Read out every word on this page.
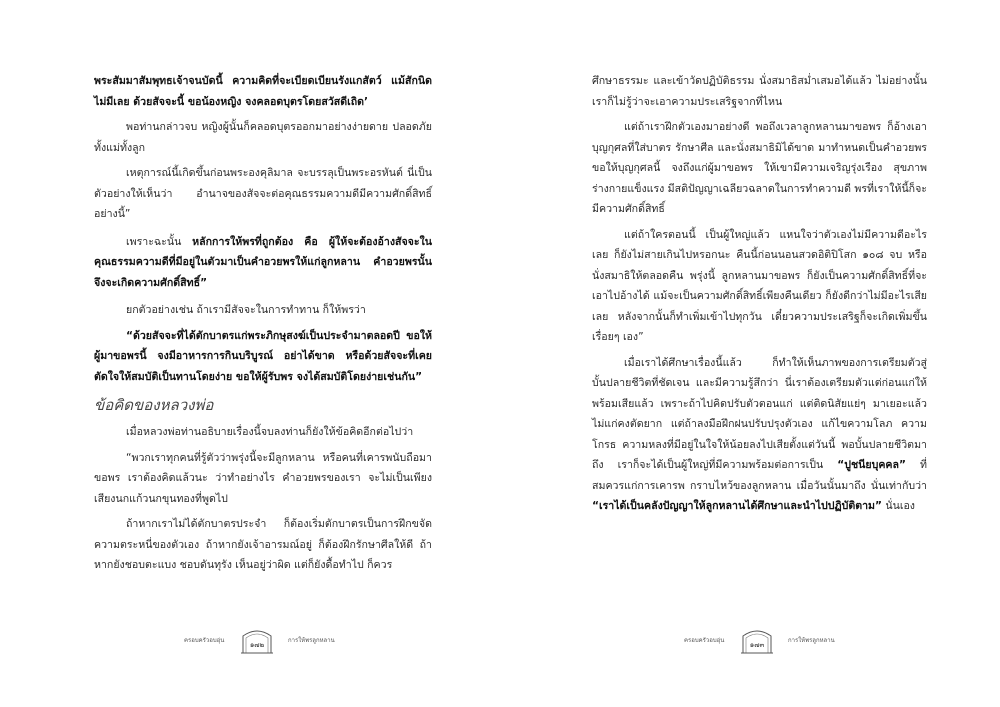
พระสัมมาสัมพุทธเจ้าจนบัดนี้ ความคิดที่จะเบียดเบียนรังแกสัตว์ แม้สักนิดไม่มีเลย ด้วยสัจจะนี้ ขอน้องหญิง จงคลอดบุตรโดยสวัสดีเถิด’

พอท่านกล่าวจบ หญิงผู้นั้นก็คลอดบุตรออกมาอย่างง่ายดาย ปลอดภัยทั้งแม่ทั้งลูก

เหตุการณ์นี้เกิดขึ้นก่อนพระองคุลิมาล จะบรรลุเป็นพระอรหันต์ นี่เป็นตัวอย่างให้เห็นว่า อำนาจของสัจจะต่อคุณธรรมความดีมีความศักดิ์สิทธิ์อย่างนี้”

เพราะฉะนั้น หลักการให้พรที่ถูกต้อง คือ ผู้ให้จะต้องอ้างสัจจะในคุณธรรมความดีที่มีอยู่ในตัวมาเป็นคำอวยพรให้แก่ลูกหลาน คำอวยพรนั้นจึงจะเกิดความศักดิ์สิทธิ์”

ยกตัวอย่างเช่น ถ้าเรามีสัจจะในการทำทาน ก็ให้พรว่า

“ด้วยสัจจะที่ได้ตักบาตรแก่พระภิกษุสงฆ์เป็นประจำมาตลอดปี ขอให้ผู้มาขอพรนี้ จงมีอาหารการกินบริบูรณ์ อย่าได้ขาด หรือด้วยสัจจะที่เคยตัดใจให้สมบัติเป็นทานโดยง่าย ขอให้ผู้รับพร จงได้สมบัติโดยง่ายเช่นกัน”

ข้อคิดของหลวงพ่อ

เมื่อหลวงพ่อท่านอธิบายเรื่องนี้จบลงท่านก็ยังให้ข้อคิดอีกต่อไปว่า

“พวกเราทุกคนที่รู้ตัวว่าพรุ่งนี้จะมีลูกหลาน หรือคนที่เคารพนับถือมาขอพร เราต้องคิดแล้วนะ ว่าทำอย่างไร คำอวยพรของเรา จะไม่เป็นเพียงเสียงนกแก้วนกขุนทองที่พูดไป

ถ้าหากเราไม่ได้ตักบาตรประจำ ก็ต้องเริ่มตักบาตรเป็นการฝึกขจัดความตระหนี่ของตัวเอง ถ้าหากยังเจ้าอารมณ์อยู่ ก็ต้องฝึกรักษาศีลให้ดี ถ้าหากยังชอบตะแบง ชอบดันทุรัง เห็นอยู่ว่าผิด แต่ก็ยังดื้อทำไป ก็ควร

ครอบครัวอบอุ่น
๑๗๒
การให้พรลูกหลาน

ศึกษาธรรมะ และเข้าวัดปฏิบัติธรรม นั่งสมาธิสม่ำเสมอได้แล้ว ไม่อย่างนั้น เราก็ไม่รู้ว่าจะเอาความประเสริฐจากที่ไหน

แต่ถ้าเราฝึกตัวเองมาอย่างดี พอถึงเวลาลูกหลานมาขอพร ก็อ้างเอาบุญกุศลที่ใส่บาตร รักษาศีล และนั่งสมาธิมิได้ขาด มาทำหนดเป็นคำอวยพร ขอให้บุญกุศลนี้ จงถึงแก่ผู้มาขอพร ให้เขามีความเจริญรุ่งเรือง สุขภาพร่างกายแข็งแรง มีสติปัญญาเฉลียวฉลาดในการทำความดี พรที่เราให้นี้ก็จะมีความศักดิ์สิทธิ์

แต่ถ้าใครตอนนี้ เป็นผู้ใหญ่แล้ว แหนใจว่าตัวเองไม่มีความดีอะไรเลย ก็ยังไม่สายเกินไปหรอกนะ คืนนี้ก่อนนอนสวดอิติปิโสก ๑๐๘ จบ หรือนั่งสมาธิให้ตลอดคืน พรุ่งนี้ ลูกหลานมาขอพร ก็ยังเป็นความศักดิ์สิทธิ์ที่จะเอาไปอ้างได้ แม้จะเป็นความศักดิ์สิทธิ์เพียงคืนเดียว ก็ยังดีกว่าไม่มีอะไรเสียเลย หลังจากนั้นก็ทำเพิ่มเข้าไปทุกวัน เดี๋ยวความประเสริฐก็จะเกิดเพิ่มขึ้นเรื่อยๆ เอง”

เมื่อเราได้ศึกษาเรื่องนี้แล้ว ก็ทำให้เห็นภาพของการเตรียมตัวสู่บั้นปลายชีวิตที่ชัดเจน และมีความรู้สึกว่า นี่เราต้องเตรียมตัวแต่ก่อนแก่ให้พร้อมเสียแล้ว เพราะถ้าไปคิดปรับตัวตอนแก่ แต่ติดนิสัยแย่ๆ มาเยอะแล้ว ไม่แก่คงตัดยาก แต่ถ้าลงมือฝึกฝนปรับปรุงตัวเอง แก้ไขความโลภ ความโกรธ ความหลงที่มีอยู่ในใจให้น้อยลงไปเสียตั้งแต่วันนี้ พอบั้นปลายชีวิตมาถึง เราก็จะได้เป็นผู้ใหญ่ที่มีความพร้อมต่อการเป็น “ปูชนียบุคคล” ที่สมควรแก่การเคารพ กราบไหว้ของลูกหลาน เมื่อวันนั้นมาถึง นั่นเท่ากับว่า “เราได้เป็นคลังปัญญาให้ลูกหลานได้ศึกษาและนำไปปฏิบัติตาม” นั่นเอง

ครอบครัวอบอุ่น
๑๗๓
การให้พรลูกหลาน
